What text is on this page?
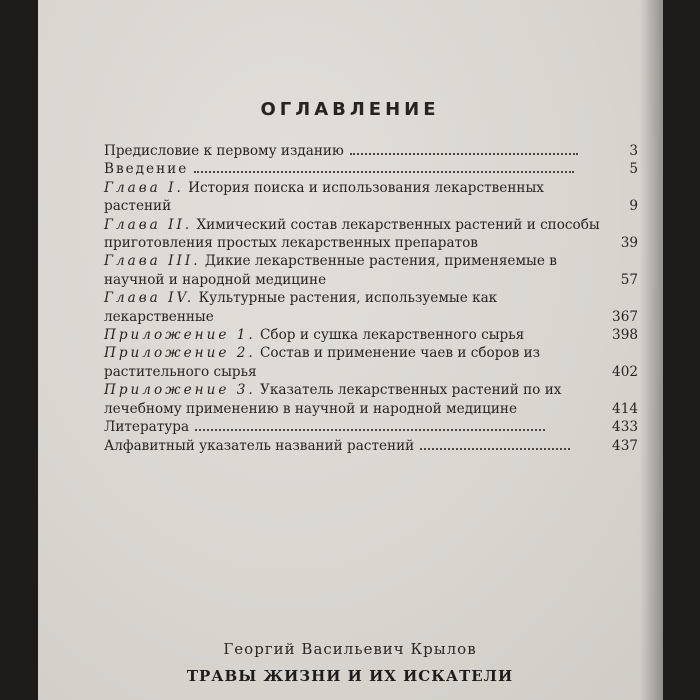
ОГЛАВЛЕНИЕ
Предисловие к первому изданию	3
Введение	5
Глава I. История поиска и использования лекарственных растений	9
Глава II. Химический состав лекарственных растений и способы приготовления простых лекарственных препаратов	39
Глава III. Дикие лекарственные растения, применяемые в научной и народной медицине	57
Глава IV. Культурные растения, используемые как лекарственные	367
Приложение 1. Сбор и сушка лекарственного сырья	398
Приложение 2. Состав и применение чаев и сборов из растительного сырья	402
Приложение 3. Указатель лекарственных растений по их лечебному применению в научной и народной медицине	414
Литература	433
Алфавитный указатель названий растений	437
Георгий Васильевич Крылов
ТРАВЫ ЖИЗНИ И ИХ ИСКАТЕЛИ
